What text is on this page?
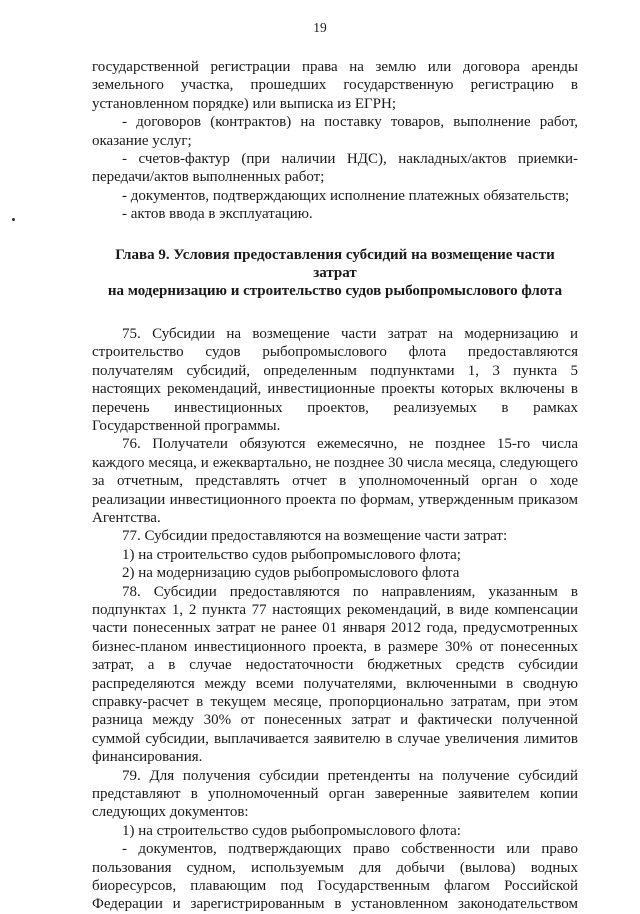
19

государственной регистрации права на землю или договора аренды земельного участка, прошедших государственную регистрацию в установленном порядке) или выписка из ЕГРН;

- договоров (контрактов) на поставку товаров, выполнение работ, оказание услуг;

- счетов-фактур (при наличии НДС), накладных/актов приемки-передачи/актов выполненных работ;

- документов, подтверждающих исполнение платежных обязательств;

- актов ввода в эксплуатацию.

Глава 9. Условия предоставления субсидий на возмещение части затрат
на модернизацию и строительство судов рыбопромыслового флота

75. Субсидии на возмещение части затрат на модернизацию и строительство судов рыбопромыслового флота предоставляются получателям субсидий, определенным подпунктами 1, 3 пункта 5 настоящих рекомендаций, инвестиционные проекты которых включены в перечень инвестиционных проектов, реализуемых в рамках Государственной программы.

76. Получатели обязуются ежемесячно, не позднее 15-го числа каждого месяца, и ежеквартально, не позднее 30 числа месяца, следующего за отчетным, представлять отчет в уполномоченный орган о ходе реализации инвестиционного проекта по формам, утвержденным приказом Агентства.

77. Субсидии предоставляются на возмещение части затрат:

1) на строительство судов рыбопромыслового флота;

2) на модернизацию судов рыбопромыслового флота

78. Субсидии предоставляются по направлениям, указанным в подпунктах 1, 2 пункта 77 настоящих рекомендаций, в виде компенсации части понесенных затрат не ранее 01 января 2012 года, предусмотренных бизнес-планом инвестиционного проекта, в размере 30% от понесенных затрат, а в случае недостаточности бюджетных средств субсидии распределяются между всеми получателями, включенными в сводную справку-расчет в текущем месяце, пропорционально затратам, при этом разница между 30% от понесенных затрат и фактически полученной суммой субсидии, выплачивается заявителю в случае увеличения лимитов финансирования.

79. Для получения субсидии претенденты на получение субсидий представляют в уполномоченный орган заверенные заявителем копии следующих документов:

1) на строительство судов рыбопромыслового флота:

- документов, подтверждающих право собственности или право пользования судном, используемым для добычи (вылова) водных биоресурсов, плавающим под Государственным флагом Российской Федерации и зарегистрированным в установленном законодательством
